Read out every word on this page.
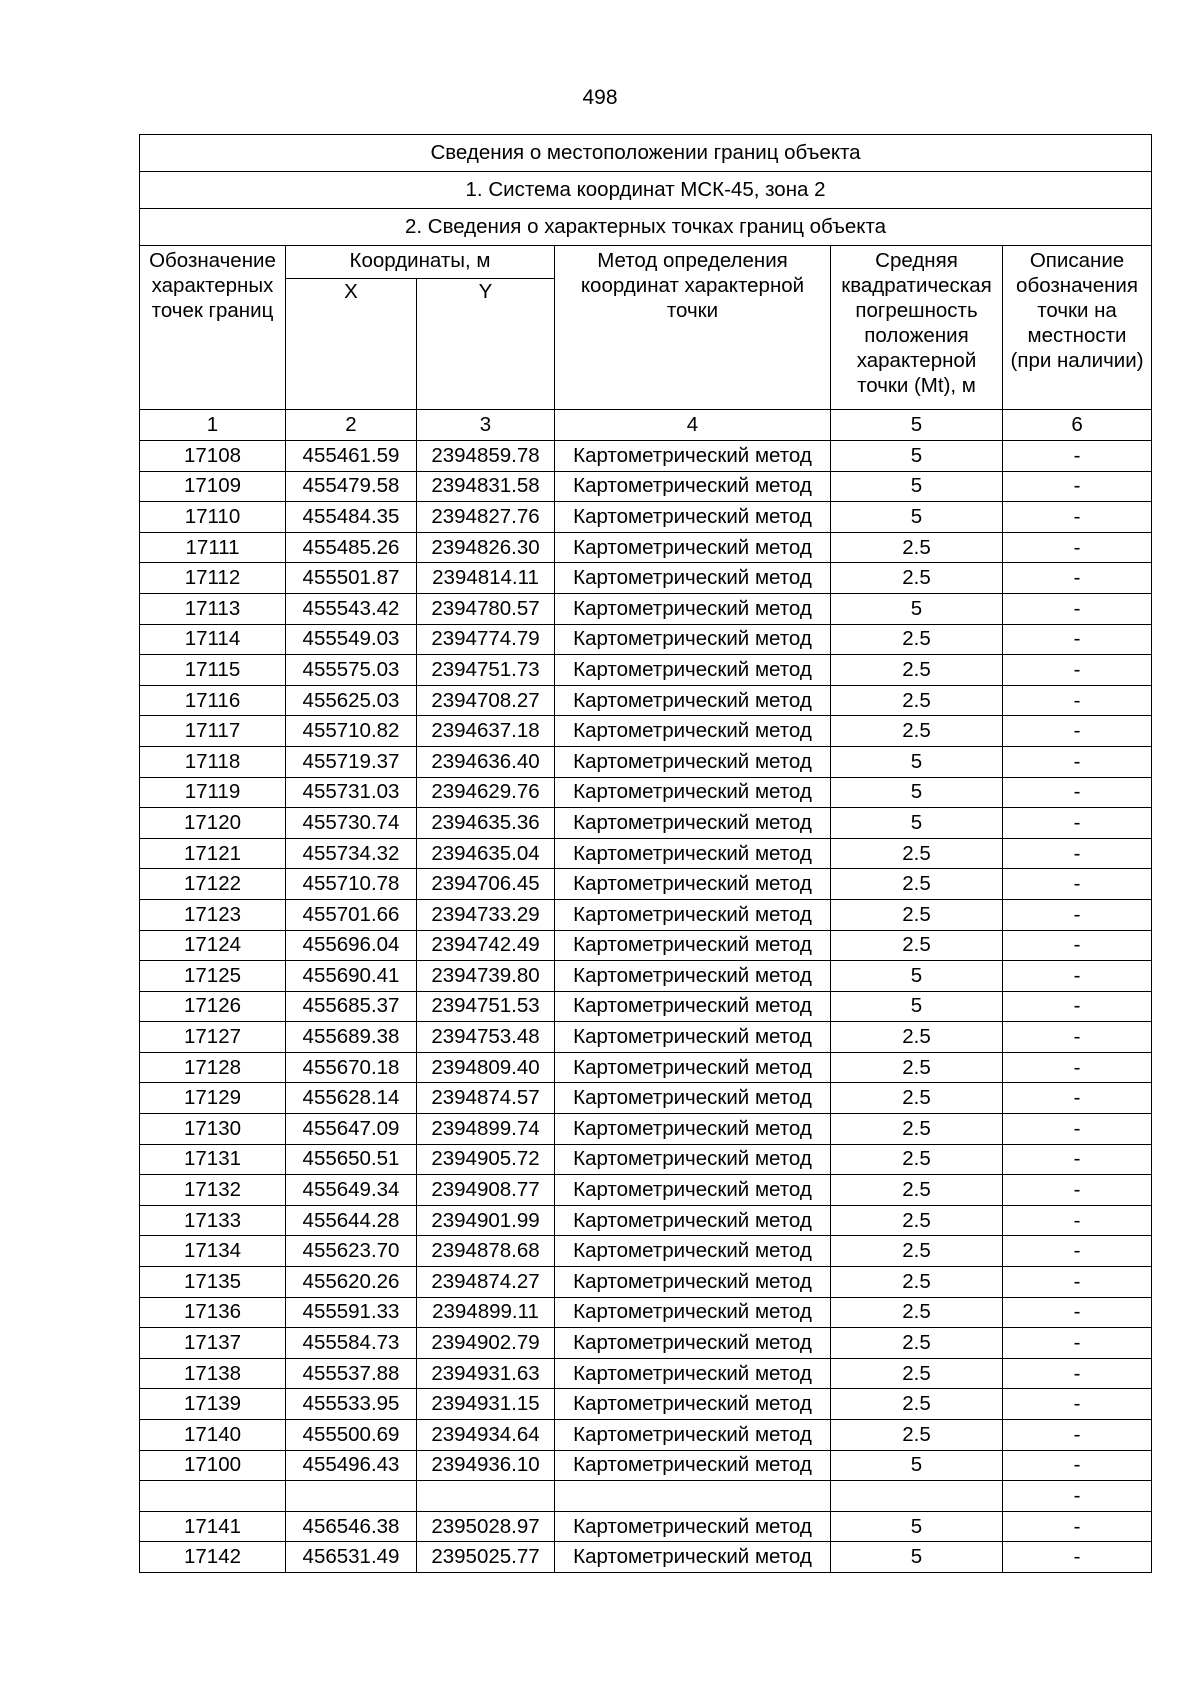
498
Сведения о местоположении границ объекта					
1. Система координат МСК-45, зона 2					
2. Сведения о характерных точках границ объекта					
Обозначение характерных точек границ	Координаты, м		Метод определения координат характерной точки	Средняя квадратическая погрешность положения характерной точки (Mt), м	Описание обозначения точки на местности (при наличии)
	X	Y			
1	2	3	4	5	6
17108	455461.59	2394859.78	Картометрический метод	5	-
17109	455479.58	2394831.58	Картометрический метод	5	-
17110	455484.35	2394827.76	Картометрический метод	5	-
17111	455485.26	2394826.30	Картометрический метод	2.5	-
17112	455501.87	2394814.11	Картометрический метод	2.5	-
17113	455543.42	2394780.57	Картометрический метод	5	-
17114	455549.03	2394774.79	Картометрический метод	2.5	-
17115	455575.03	2394751.73	Картометрический метод	2.5	-
17116	455625.03	2394708.27	Картометрический метод	2.5	-
17117	455710.82	2394637.18	Картометрический метод	2.5	-
17118	455719.37	2394636.40	Картометрический метод	5	-
17119	455731.03	2394629.76	Картометрический метод	5	-
17120	455730.74	2394635.36	Картометрический метод	5	-
17121	455734.32	2394635.04	Картометрический метод	2.5	-
17122	455710.78	2394706.45	Картометрический метод	2.5	-
17123	455701.66	2394733.29	Картометрический метод	2.5	-
17124	455696.04	2394742.49	Картометрический метод	2.5	-
17125	455690.41	2394739.80	Картометрический метод	5	-
17126	455685.37	2394751.53	Картометрический метод	5	-
17127	455689.38	2394753.48	Картометрический метод	2.5	-
17128	455670.18	2394809.40	Картометрический метод	2.5	-
17129	455628.14	2394874.57	Картометрический метод	2.5	-
17130	455647.09	2394899.74	Картометрический метод	2.5	-
17131	455650.51	2394905.72	Картометрический метод	2.5	-
17132	455649.34	2394908.77	Картометрический метод	2.5	-
17133	455644.28	2394901.99	Картометрический метод	2.5	-
17134	455623.70	2394878.68	Картометрический метод	2.5	-
17135	455620.26	2394874.27	Картометрический метод	2.5	-
17136	455591.33	2394899.11	Картометрический метод	2.5	-
17137	455584.73	2394902.79	Картометрический метод	2.5	-
17138	455537.88	2394931.63	Картометрический метод	2.5	-
17139	455533.95	2394931.15	Картометрический метод	2.5	-
17140	455500.69	2394934.64	Картометрический метод	2.5	-
17100	455496.43	2394936.10	Картометрический метод	5	-
					-
17141	456546.38	2395028.97	Картометрический метод	5	-
17142	456531.49	2395025.77	Картометрический метод	5	-
